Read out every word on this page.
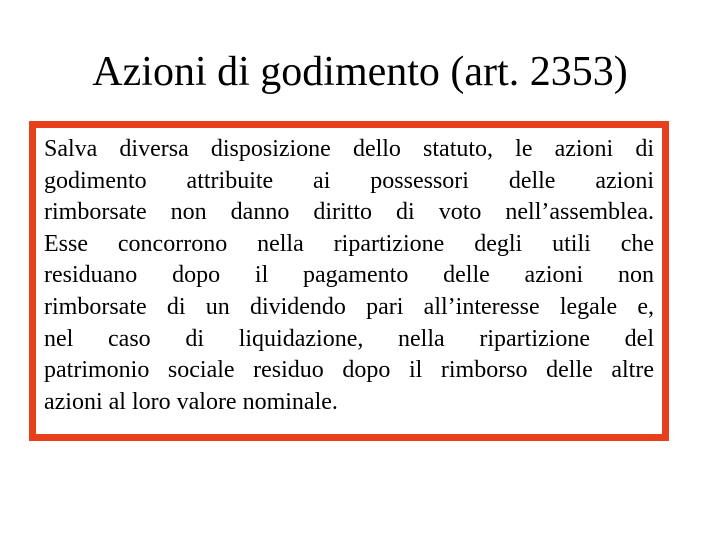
Azioni di godimento (art. 2353)
Salva diversa disposizione dello statuto, le azioni di
godimento attribuite ai possessori delle azioni
rimborsate non danno diritto di voto nell’assemblea.
Esse concorrono nella ripartizione degli utili che
residuano dopo il pagamento delle azioni non
rimborsate di un dividendo pari all’interesse legale e,
nel caso di liquidazione, nella ripartizione del
patrimonio sociale residuo dopo il rimborso delle altre
azioni al loro valore nominale.
